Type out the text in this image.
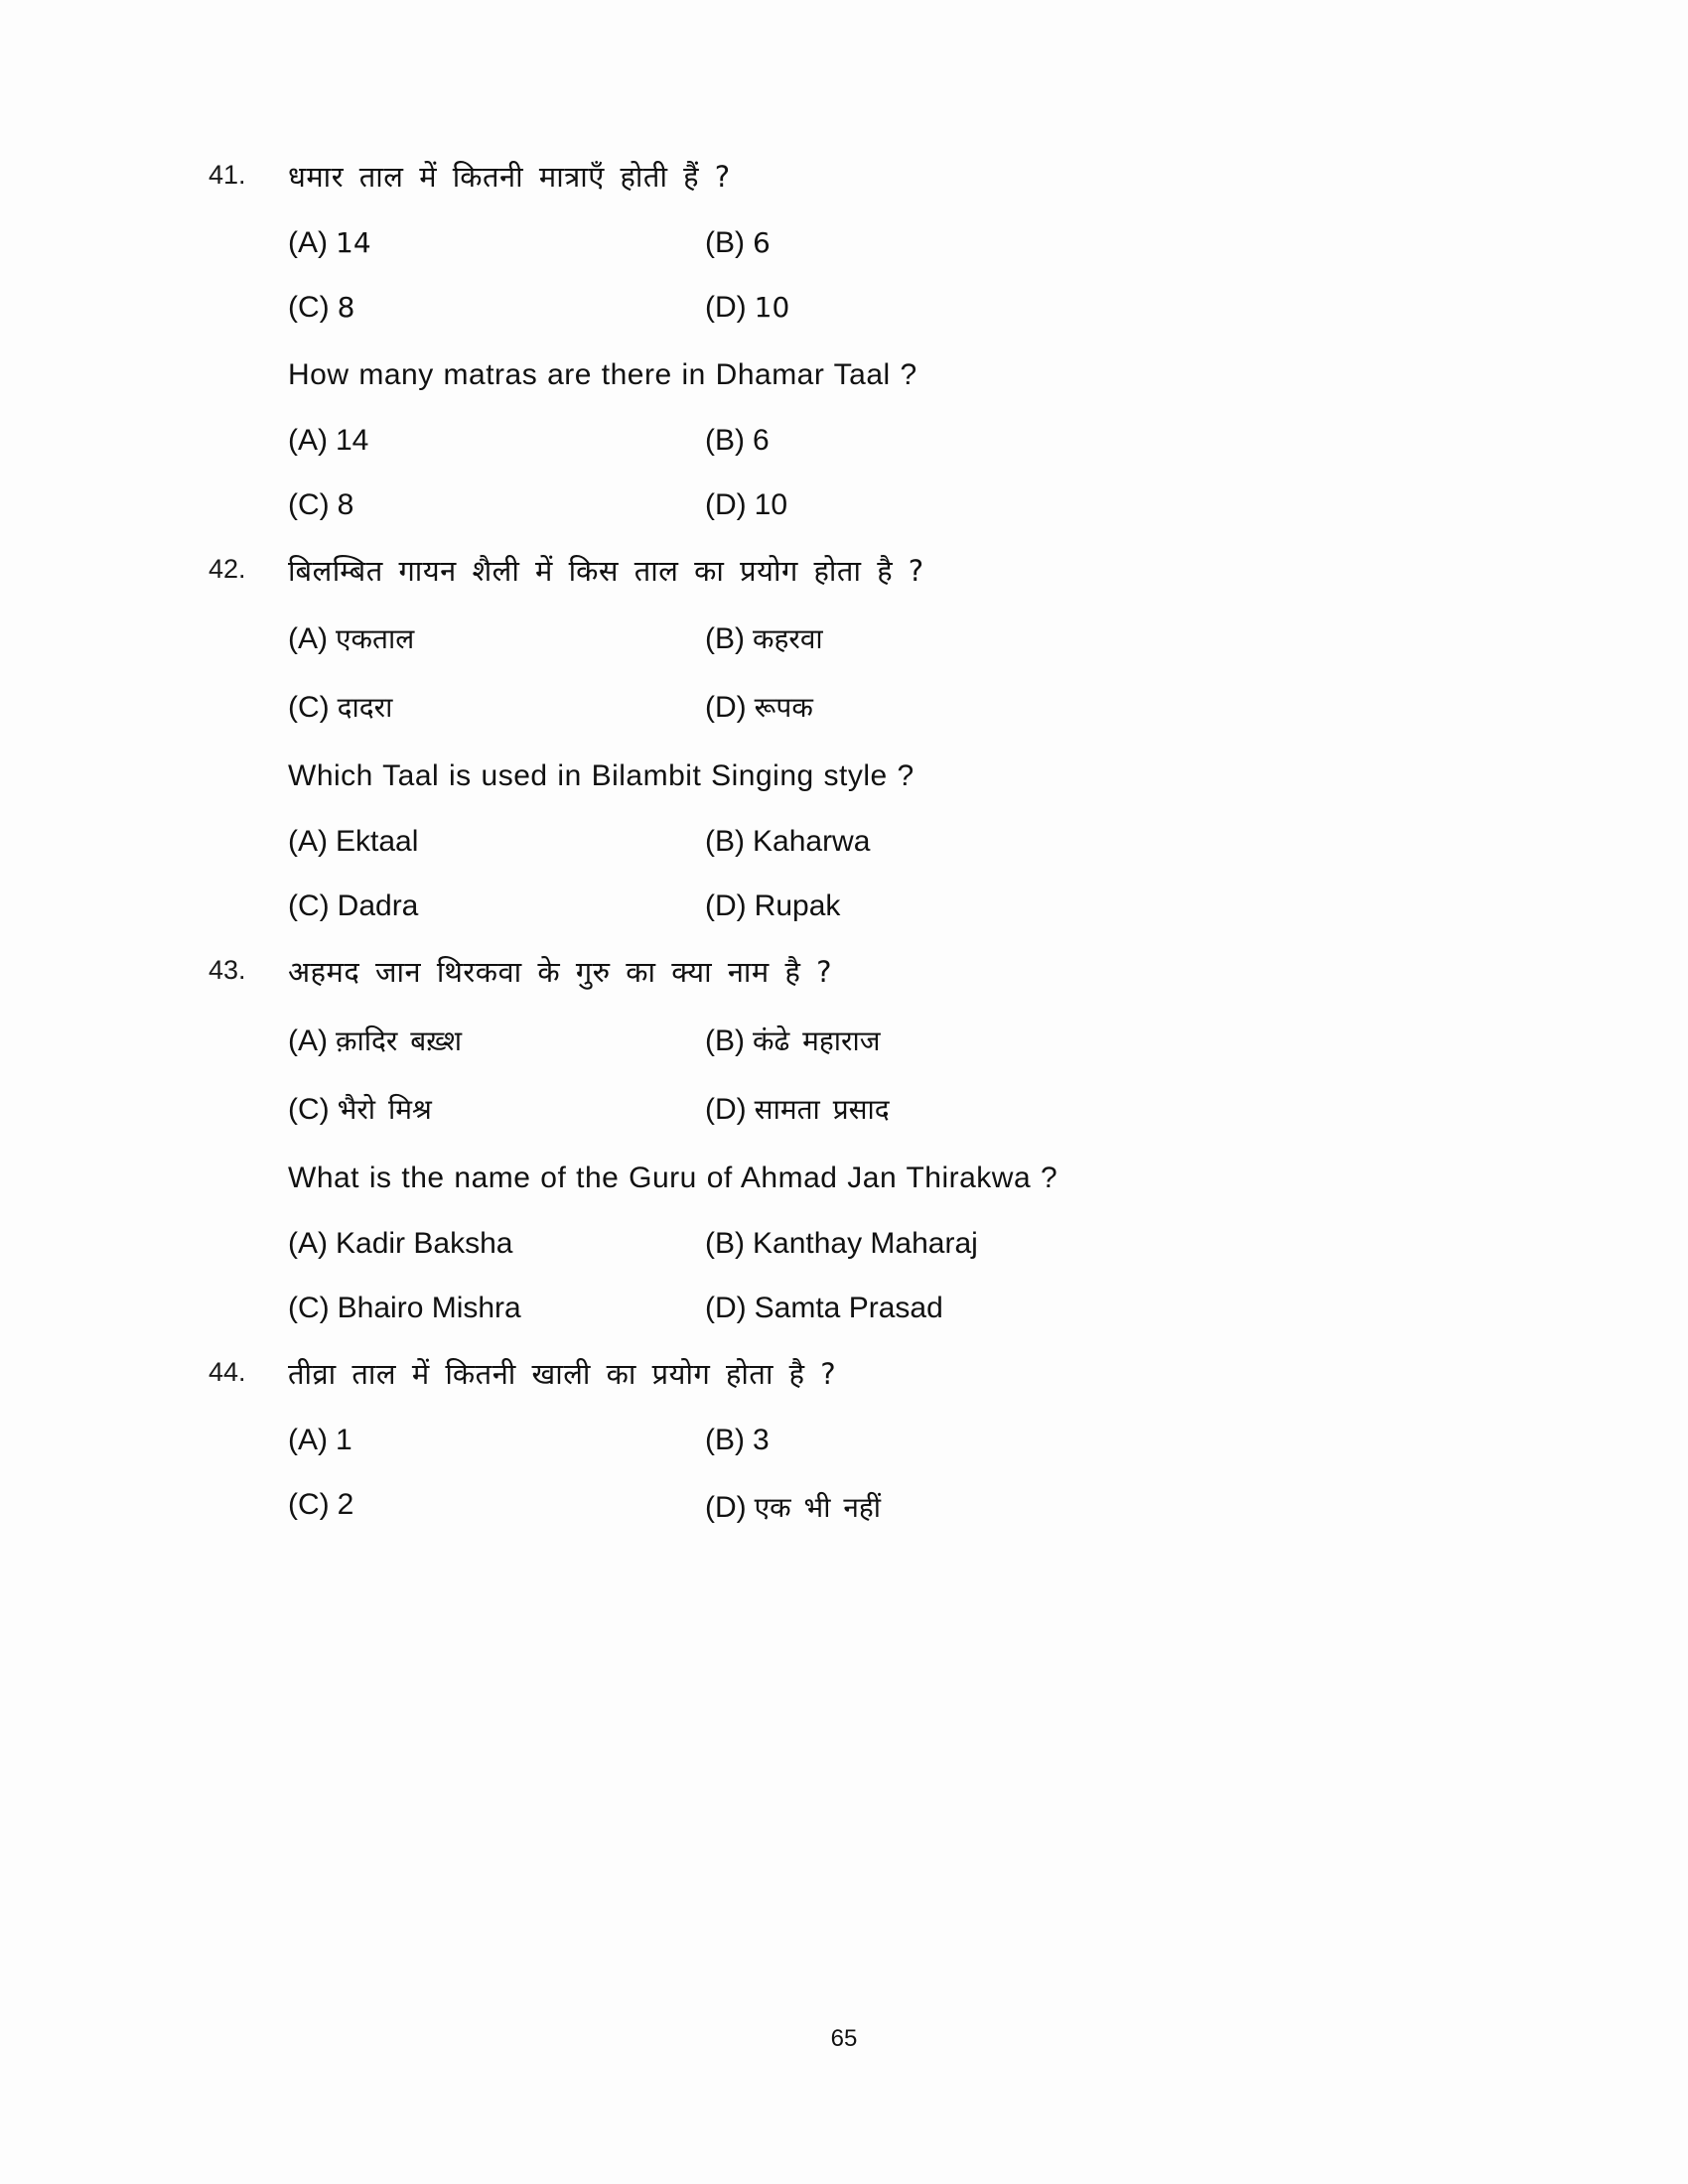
41.	धमार ताल में कितनी मात्राएँ होती हैं ?
(A) 14	(B) 6
(C) 8	(D) 10
How many matras are there in Dhamar Taal ?
(A) 14	(B) 6
(C) 8	(D) 10
42.	बिलम्बित गायन शैली में किस ताल का प्रयोग होता है ?
(A) एकताल	(B) कहरवा
(C) दादरा	(D) रूपक
Which Taal is used in Bilambit Singing style ?
(A) Ektaal	(B) Kaharwa
(C) Dadra	(D) Rupak
43.	अहमद जान थिरकवा के गुरु का क्या नाम है ?
(A) क़ादिर बख़्श	(B) कंढे महाराज
(C) भैरो मिश्र	(D) सामता प्रसाद
What is the name of the Guru of Ahmad Jan Thirakwa ?
(A) Kadir Baksha	(B) Kanthay Maharaj
(C) Bhairo Mishra	(D) Samta Prasad
44.	तीव्रा ताल में कितनी खाली का प्रयोग होता है ?
(A) 1	(B) 3
(C) 2	(D) एक भी नहीं
65
